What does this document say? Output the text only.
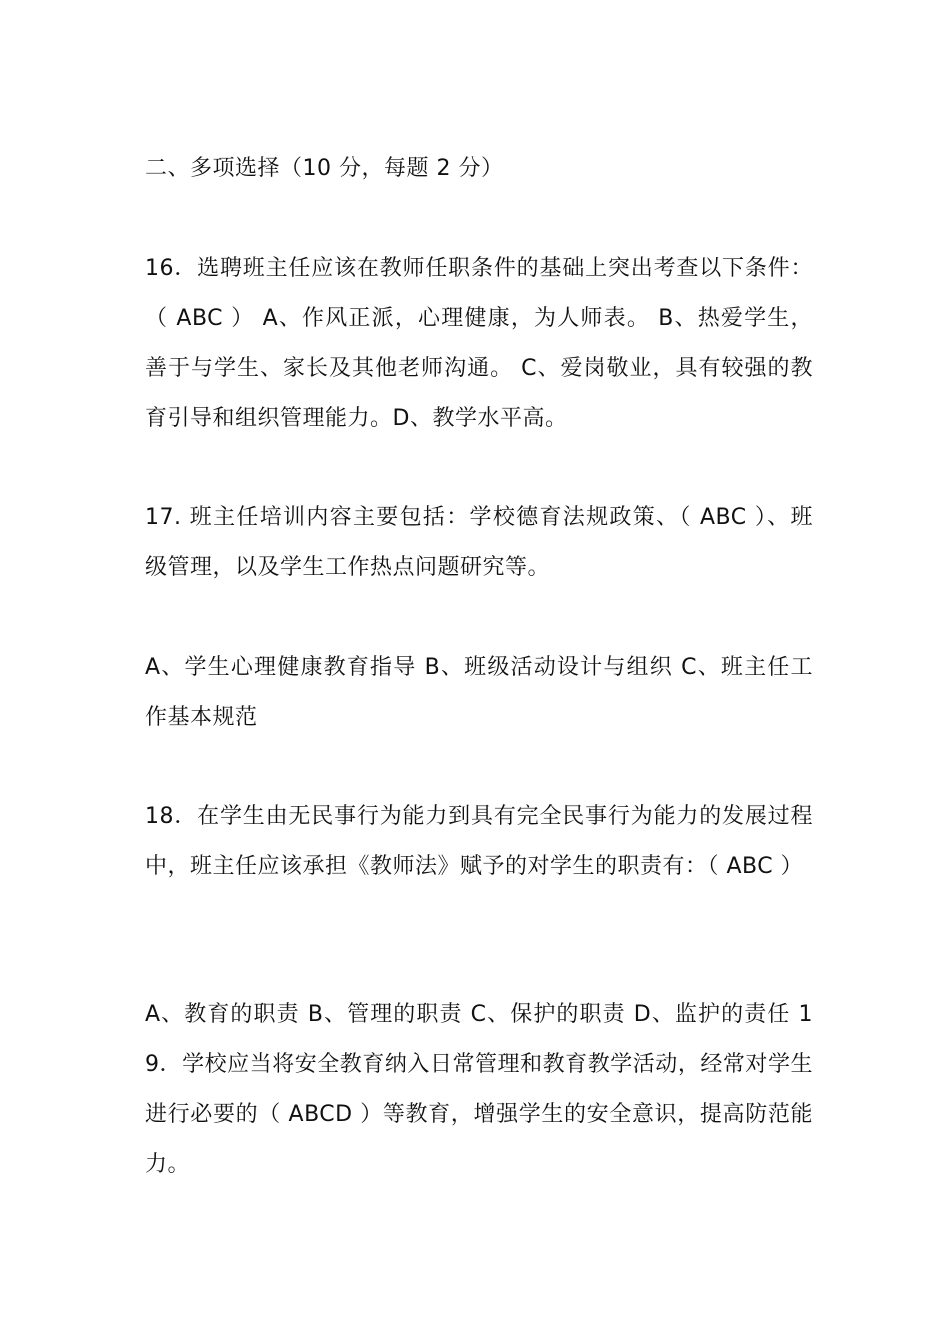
二、多项选择（10 分，每题 2 分）

16．选聘班主任应该在教师任职条件的基础上突出考查以下条件：（ ABC ） A、作风正派，心理健康，为人师表。 B、热爱学生，善于与学生、家长及其他老师沟通。 C、爱岗敬业，具有较强的教育引导和组织管理能力。D、教学水平高。

17. 班主任培训内容主要包括：学校德育法规政策、（ ABC ）、班级管理，以及学生工作热点问题研究等。

A、学生心理健康教育指导 B、班级活动设计与组织 C、班主任工作基本规范

18．在学生由无民事行为能力到具有完全民事行为能力的发展过程中，班主任应该承担《教师法》赋予的对学生的职责有：（ ABC ）

A、教育的职责 B、管理的职责 C、保护的职责 D、监护的责任 19．学校应当将安全教育纳入日常管理和教育教学活动，经常对学生进行必要的（ ABCD ）等教育，增强学生的安全意识，提高防范能力。
